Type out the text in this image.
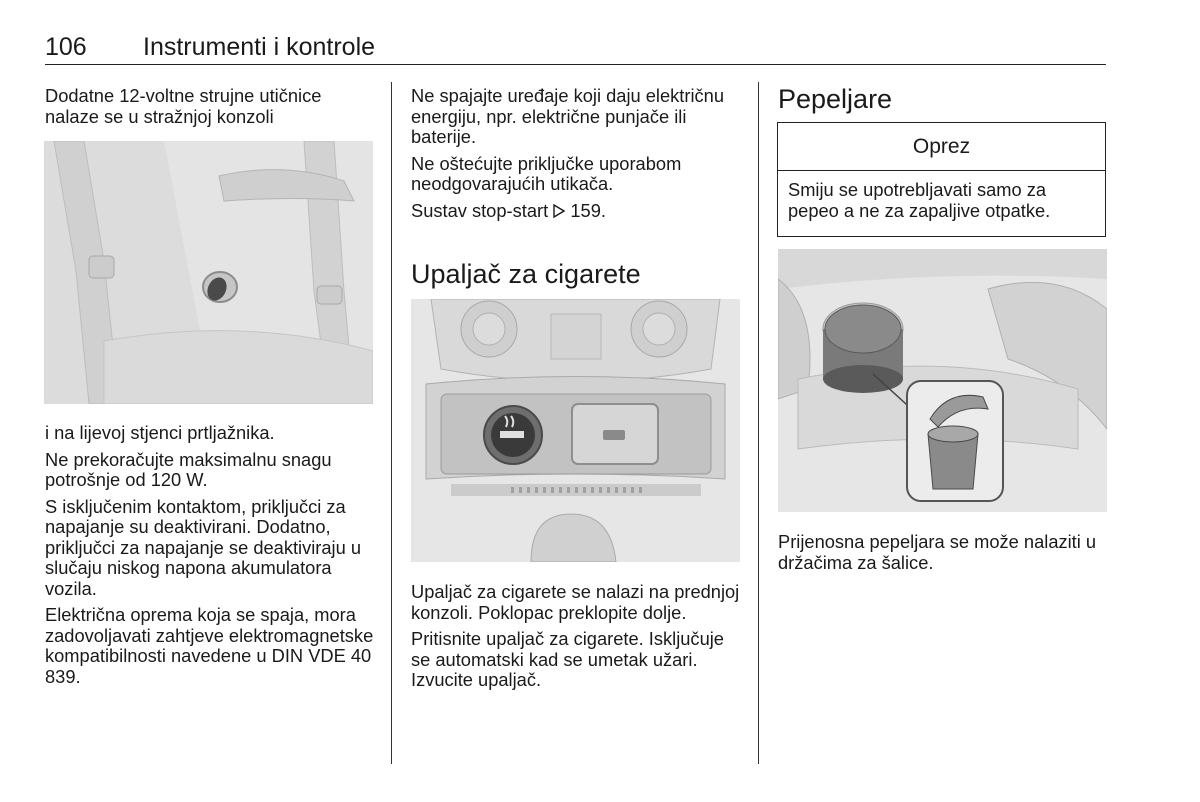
106 Instrumenti i kontrole

Dodatne 12-voltne strujne utičnice nalaze se u stražnjoj konzoli

i na lijevoj stjenci prtljažnika.

Ne prekoračujte maksimalnu snagu potrošnje od 120 W.

S isključenim kontaktom, priključci za napajanje su deaktivirani. Dodatno, priključci za napajanje se deaktiviraju u slučaju niskog napona akumulatora vozila.

Električna oprema koja se spaja, mora zadovoljavati zahtjeve elektromagnetske kompatibilnosti navedene u DIN VDE 40 839.

Ne spajajte uređaje koji daju električnu energiju, npr. električne punjače ili baterije.

Ne oštećujte priključke uporabom neodgovarajućih utikača.

Sustav stop-start 159.

Upaljač za cigarete

Upaljač za cigarete se nalazi na prednjoj konzoli. Poklopac preklopite dolje.

Pritisnite upaljač za cigarete. Isključuje se automatski kad se umetak užari. Izvucite upaljač.

Pepeljare
Oprez
Smiju se upotrebljavati samo za pepeo a ne za zapaljive otpatke.

Prijenosna pepeljara se može nalaziti u držačima za šalice.
